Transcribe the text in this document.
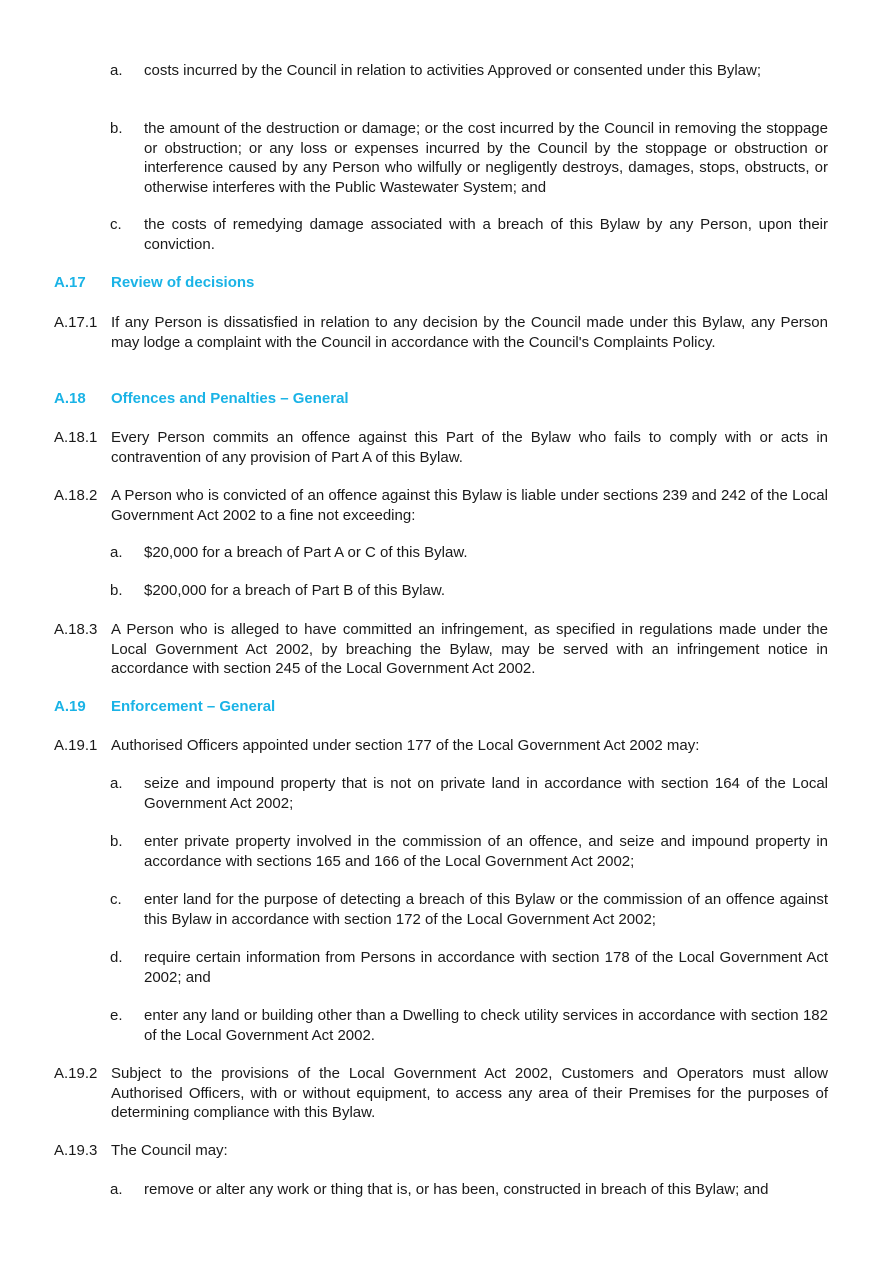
a.	costs incurred by the Council in relation to activities Approved or consented under this Bylaw;
b.	the amount of the destruction or damage; or the cost incurred by the Council in removing the stoppage or obstruction; or any loss or expenses incurred by the Council by the stoppage or obstruction or interference caused by any Person who wilfully or negligently destroys, damages, stops, obstructs, or otherwise interferes with the Public Wastewater System; and
c.	the costs of remedying damage associated with a breach of this Bylaw by any Person, upon their conviction.
A.17	Review of decisions
A.17.1 If any Person is dissatisfied in relation to any decision by the Council made under this Bylaw, any Person may lodge a complaint with the Council in accordance with the Council's Complaints Policy.
A.18	Offences and Penalties – General
A.18.1 Every Person commits an offence against this Part of the Bylaw who fails to comply with or acts in contravention of any provision of Part A of this Bylaw.
A.18.2 A Person who is convicted of an offence against this Bylaw is liable under sections 239 and 242 of the Local Government Act 2002 to a fine not exceeding:
a.	$20,000 for a breach of Part A or C of this Bylaw.
b.	$200,000 for a breach of Part B of this Bylaw.
A.18.3 A Person who is alleged to have committed an infringement, as specified in regulations made under the Local Government Act 2002, by breaching the Bylaw, may be served with an infringement notice in accordance with section 245 of the Local Government Act 2002.
A.19	Enforcement – General
A.19.1 Authorised Officers appointed under section 177 of the Local Government Act 2002 may:
a.	seize and impound property that is not on private land in accordance with section 164 of the Local Government Act 2002;
b.	enter private property involved in the commission of an offence, and seize and impound property in accordance with sections 165 and 166 of the Local Government Act 2002;
c.	enter land for the purpose of detecting a breach of this Bylaw or the commission of an offence against this Bylaw in accordance with section 172 of the Local Government Act 2002;
d.	require certain information from Persons in accordance with section 178 of the Local Government Act 2002; and
e.	enter any land or building other than a Dwelling to check utility services in accordance with section 182 of the Local Government Act 2002.
A.19.2 Subject to the provisions of the Local Government Act 2002, Customers and Operators must allow Authorised Officers, with or without equipment, to access any area of their Premises for the purposes of determining compliance with this Bylaw.
A.19.3 The Council may:
a.	remove or alter any work or thing that is, or has been, constructed in breach of this Bylaw; and
